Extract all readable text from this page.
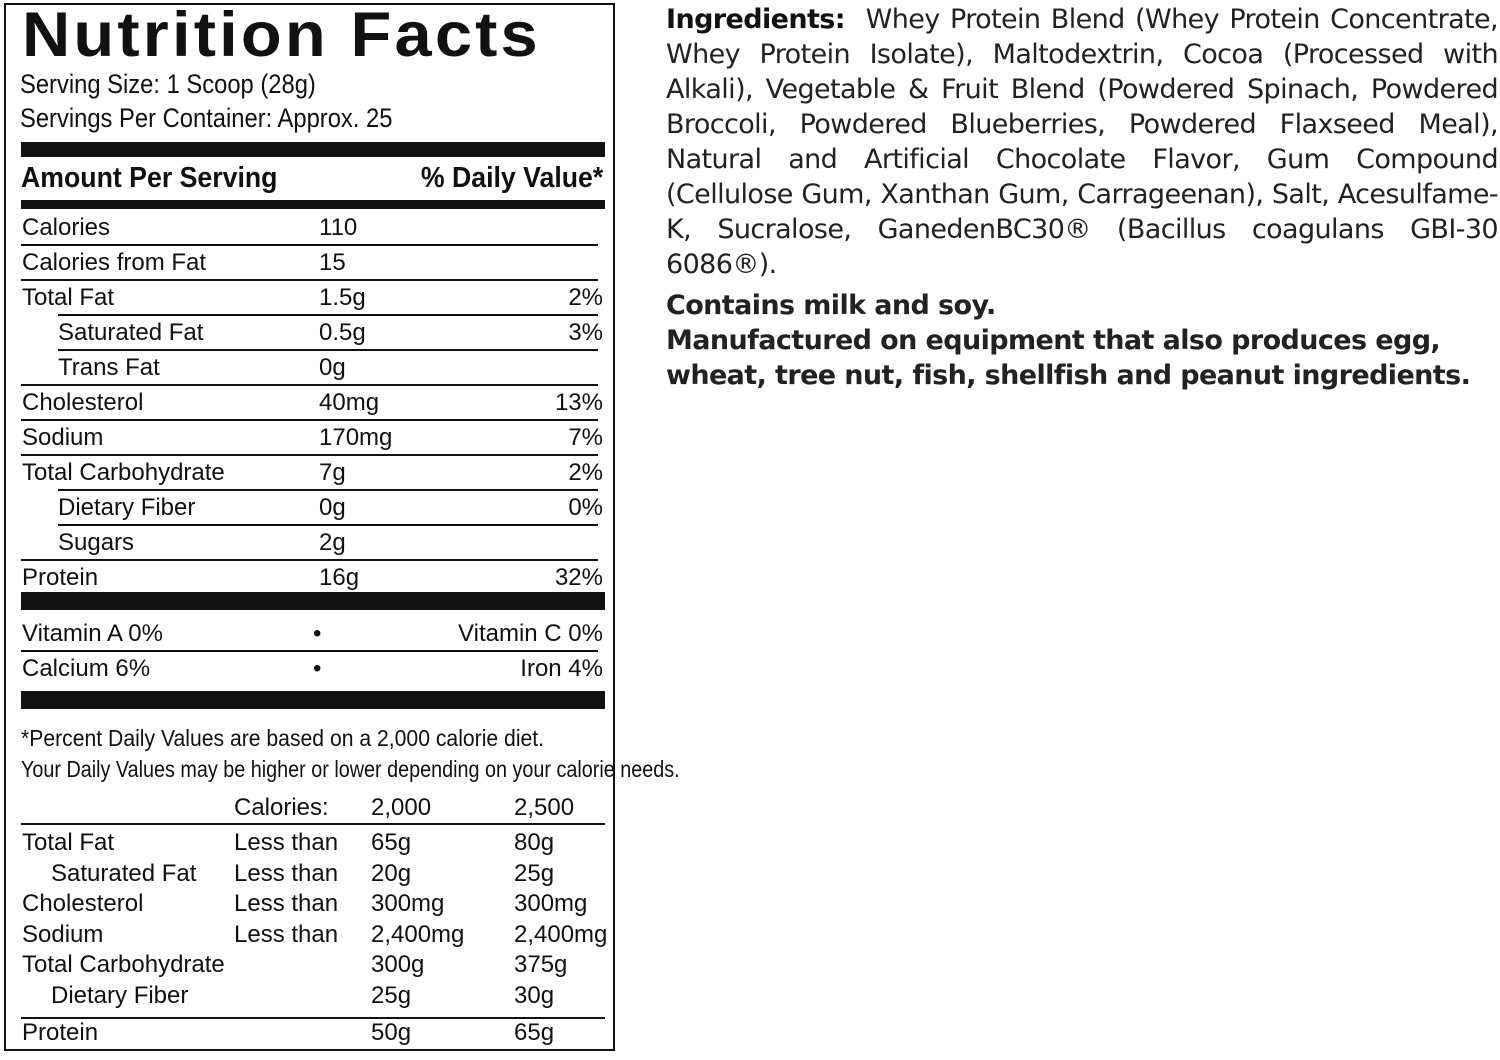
Nutrition Facts
Serving Size: 1 Scoop (28g)
Servings Per Container: Approx. 25
Amount Per Serving	% Daily Value*
Calories	110
Calories from Fat	15
Total Fat	1.5g	2%
Saturated Fat	0.5g	3%
Trans Fat	0g
Cholesterol	40mg	13%
Sodium	170mg	7%
Total Carbohydrate	7g	2%
Dietary Fiber	0g	0%
Sugars	2g
Protein	16g	32%
Vitamin A 0%	•	Vitamin C 0%
Calcium 6%	•	Iron 4%
*Percent Daily Values are based on a 2,000 calorie diet.
Your Daily Values may be higher or lower depending on your calorie needs.
Calories: 2,000	2,500
Total Fat	Less than 65g	80g
Saturated Fat Less than 20g	25g
Cholesterol	Less than 300mg	300mg
Sodium	Less than 2,400mg 2,400mg
Total Carbohydrate	300g	375g
Dietary Fiber	25g	30g
Protein	50g	65g

Ingredients: Whey Protein Blend (Whey Protein Concentrate, Whey Protein Isolate), Maltodextrin, Cocoa (Processed with Alkali), Vegetable & Fruit Blend (Powdered Spinach, Powdered Broccoli, Powdered Blueberries, Powdered Flaxseed Meal), Natural and Artificial Chocolate Flavor, Gum Compound (Cellulose Gum, Xanthan Gum, Carrageenan), Salt, Acesulfame-K, Sucralose, GanedenBC30® (Bacillus coagulans GBI-30 6086®).

Contains milk and soy.

Manufactured on equipment that also produces egg, wheat, tree nut, fish, shellfish and peanut ingredients.
